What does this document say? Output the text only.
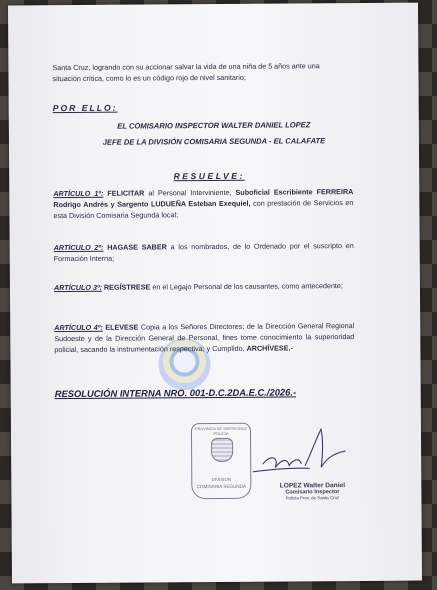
Santa Cruz, logrando con su accionar salvar la vida de una niña de 5 años ante una
situación crítica, como lo es un código rojo de nivel sanitario;
POR ELLO:
EL COMISARIO INSPECTOR WALTER DANIEL LOPEZ
JEFE DE LA DIVISIÓN COMISARIA SEGUNDA - EL CALAFATE
RESUELVE:
ARTÍCULO 1º: FELICITAR al Personal Interviniente, Suboficial Escribiente FERREIRA Rodrigo Andrés y Sargento LUDUEÑA Esteban Exequiel, con prestación de Servicios en esta División Comisaria Segunda local;
ARTÍCULO 2º: HAGASE SABER a los nombrados, de lo Ordenado por el suscripto en Formación Interna;
ARTÍCULO 3º: REGÍSTRESE en el Legajo Personal de los causantes, como antecedente;
ARTÍCULO 4º: ELEVESE Copia a los Señores Directores; de la Dirección General Regional Sudoeste y de la Dirección General de Personal, fines tome conocimiento la superioridad policial, sacando la instrumentación respectiva; y Cumplido, ARCHÍVESE.-
RESOLUCIÓN INTERNA NRO. 001-D.C.2DA.E.C./2026.-
PROVINCIA DE SANTA CRUZ POLICIA
DIVISION
COMISARIA SEGUNDA	LOPEZ Walter Daniel
Comisario Inspector
Policía Prov. de Santa Cruz
